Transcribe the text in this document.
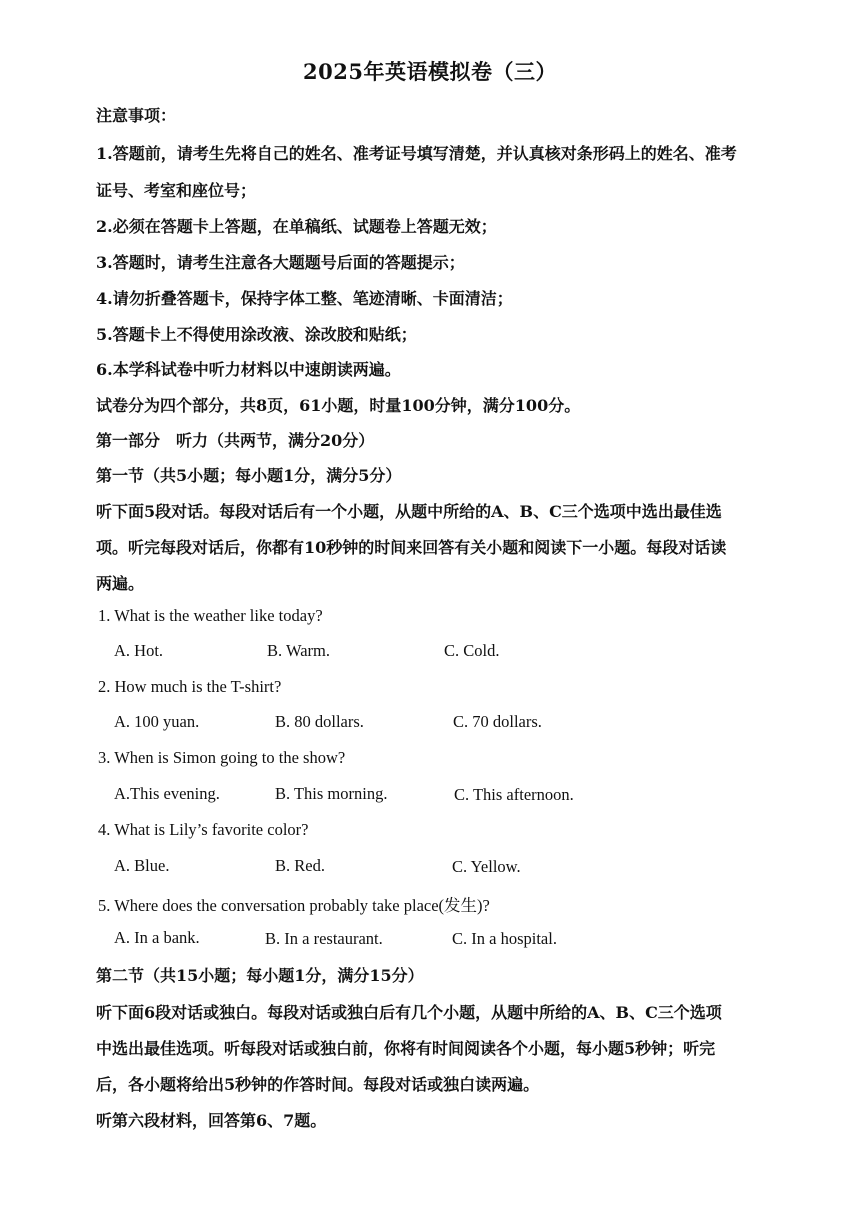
2025年英语模拟卷（三）
注意事项：
1.答题前，请考生先将自己的姓名、准考证号填写清楚，并认真核对条形码上的姓名、准考
证号、考室和座位号；
2.必须在答题卡上答题，在单稿纸、试题卷上答题无效；
3.答题时，请考生注意各大题题号后面的答题提示；
4.请勿折叠答题卡，保持字体工整、笔迹清晰、卡面清洁；
5.答题卡上不得使用涂改液、涂改胶和贴纸；
6.本学科试卷中听力材料以中速朗读两遍。
试卷分为四个部分，共8页，61小题，时量100分钟，满分100分。
第一部分　听力（共两节，满分20分）
第一节（共5小题；每小题1分，满分5分）
听下面5段对话。每段对话后有一个小题，从题中所给的A、B、C三个选项中选出最佳选
项。听完每段对话后，你都有10秒钟的时间来回答有关小题和阅读下一小题。每段对话读
两遍。
1. What is the weather like today?
A. Hot.	B. Warm.	C. Cold.
2. How much is the T-shirt?
A. 100 yuan.	B. 80 dollars.	C. 70 dollars.
3. When is Simon going to the show?
A.This evening.	B. This morning.	C. This afternoon.
4. What is Lily’s favorite color?
A. Blue.	B. Red.	C. Yellow.
5. Where does the conversation probably take place(发生)?
A. In a bank.	B. In a restaurant.	C. In a hospital.
第二节（共15小题；每小题1分，满分15分）
听下面6段对话或独白。每段对话或独白后有几个小题，从题中所给的A、B、C三个选项
中选出最佳选项。听每段对话或独白前，你将有时间阅读各个小题，每小题5秒钟；听完
后，各小题将给出5秒钟的作答时间。每段对话或独白读两遍。
听第六段材料，回答第6、7题。
